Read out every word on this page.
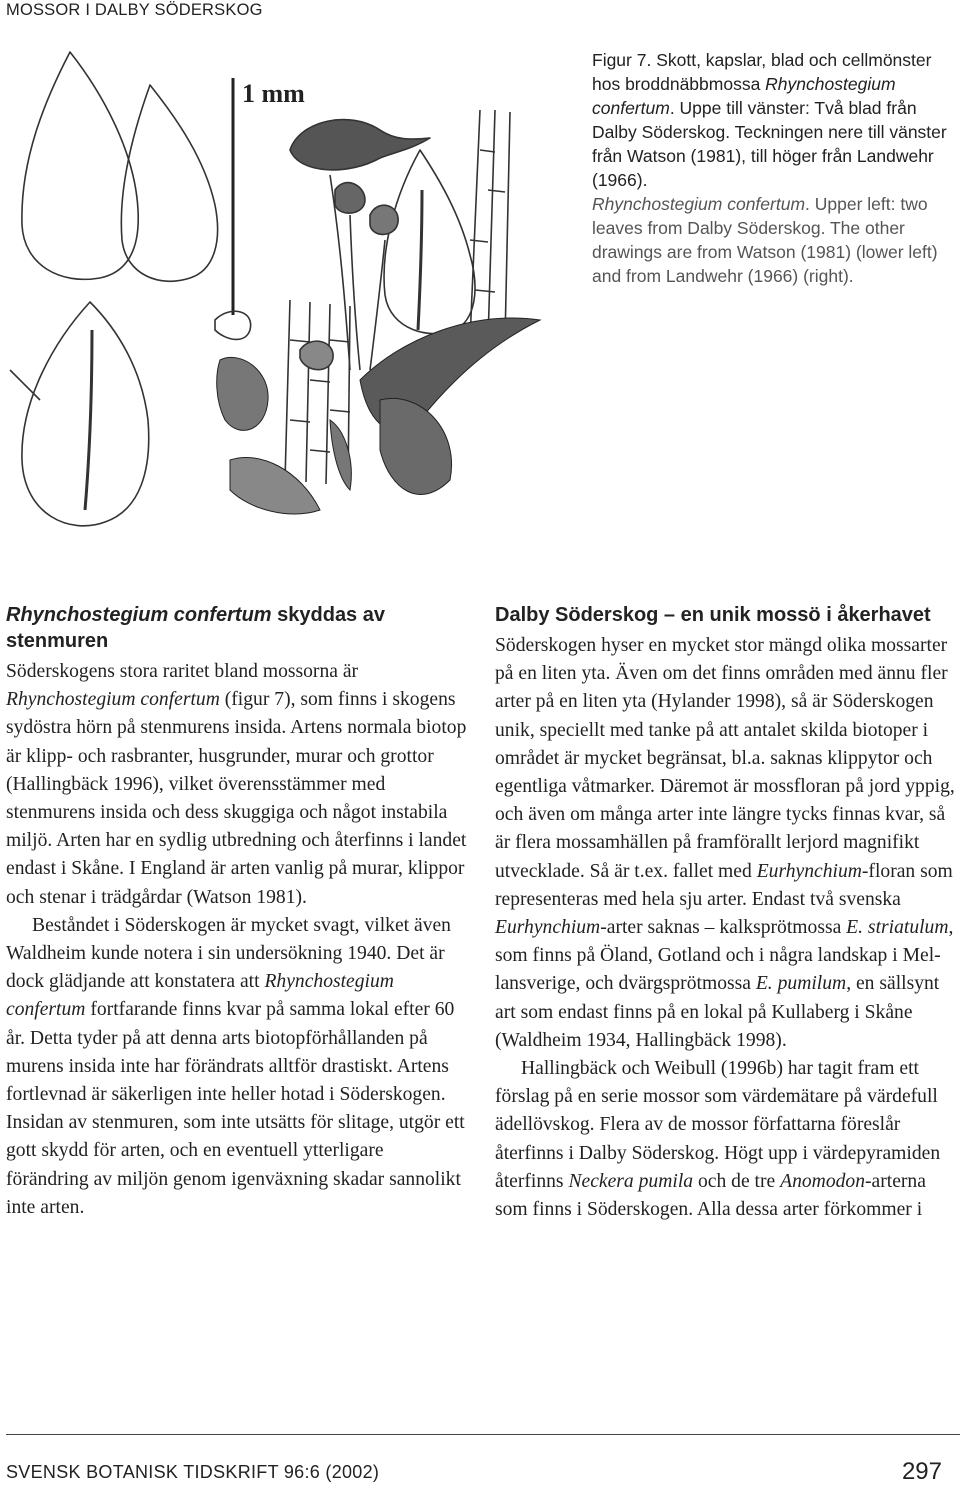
MOSSOR I DALBY SÖDERSKOG
1 mm
Figur 7. Skott, kapslar, blad och cellmönster hos broddnäbbmossa Rhynchostegium confertum. Uppe till vänster: Två blad från Dalby Söderskog. Teckningen nere till vänster från Watson (1981), till höger från Landwehr (1966).
Rhynchostegium confertum. Upper left: two leaves from Dalby Söderskog. The other drawings are from Watson (1981) (lower left) and from Landwehr (1966) (right).
Rhynchostegium confertum skyddas av stenmuren

Söderskogens stora raritet bland mossorna är Rhynchostegium confertum (figur 7), som finns i skogens sydöstra hörn på stenmurens insida. Artens normala biotop är klipp- och rasbranter, husgrunder, murar och grottor (Hallingbäck 1996), vilket överensstämmer med stenmurens insida och dess skuggiga och något instabila miljö. Arten har en sydlig utbredning och återfinns i landet endast i Skåne. I England är arten vanlig på murar, klippor och stenar i trädgårdar (Watson 1981).

Beståndet i Söderskogen är mycket svagt, vilket även Waldheim kunde notera i sin undersökning 1940. Det är dock glädjande att konstatera att Rhynchostegium confertum fortfarande finns kvar på samma lokal efter 60 år. Detta tyder på att denna arts biotopförhållanden på murens insida inte har förändrats alltför drastiskt. Artens fortlevnad är säkerligen inte heller hotad i Söderskogen. Insidan av stenmuren, som inte utsätts för slitage, utgör ett gott skydd för arten, och en eventuell ytterligare förändring av miljön genom igenväxning skadar sannolikt inte arten.

Dalby Söderskog – en unik mossö i åkerhavet

Söderskogen hyser en mycket stor mängd olika mossarter på en liten yta. Även om det finns områden med ännu fler arter på en liten yta (Hylander 1998), så är Söderskogen unik, speciellt med tanke på att antalet skilda biotoper i området är mycket begränsat, bl.a. saknas klippytor och egentliga våtmarker. Däremot är mossfloran på jord yppig, och även om många arter inte längre tycks finnas kvar, så är flera mossamhällen på framförallt lerjord magnifikt utvecklade. Så är t.ex. fallet med Eurhynchium-floran som representeras med hela sju arter. Endast två svenska Eurhynchium-arter saknas – kalksprötmossa E. striatulum, som finns på Öland, Gotland och i några landskap i Mellansverige, och dvärgsprötmossa E. pumilum, en sällsynt art som endast finns på en lokal på Kullaberg i Skåne (Waldheim 1934, Hallingbäck 1998).

Hallingbäck och Weibull (1996b) har tagit fram ett förslag på en serie mossor som värdemätare på värdefull ädellövskog. Flera av de mossor författarna föreslår återfinns i Dalby Söderskog. Högt upp i värdepyramiden återfinns Neckera pumila och de tre Anomodon-arterna som finns i Söderskogen. Alla dessa arter förkommer i

SVENSK BOTANISK TIDSKRIFT 96:6 (2002)	297
